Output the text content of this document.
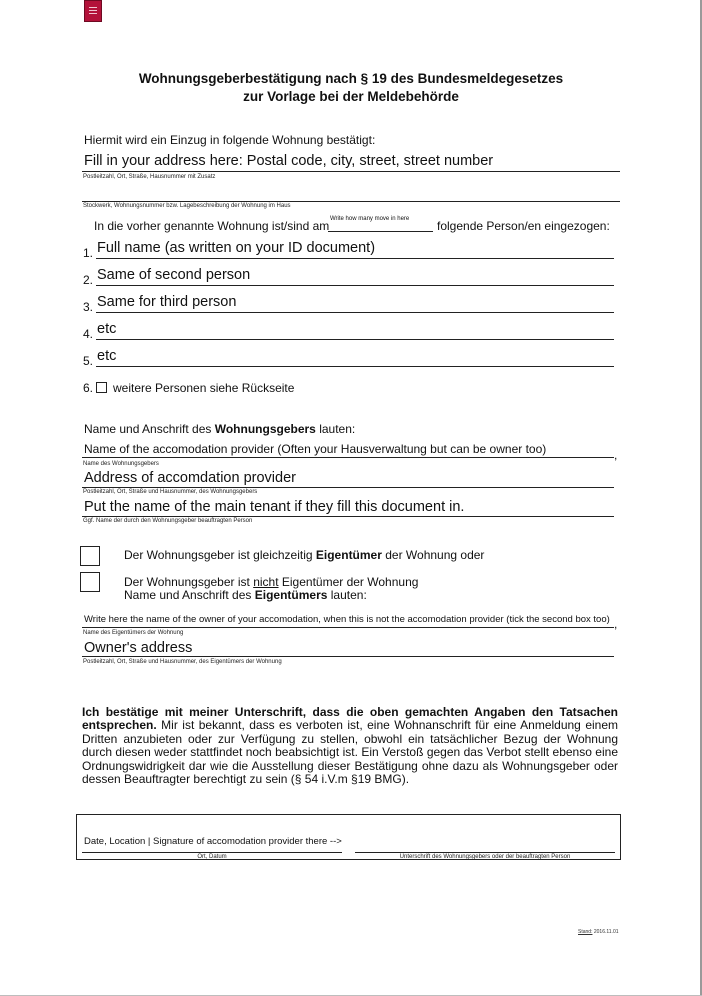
Wohnungsgeberbestätigung nach § 19 des Bundesmeldegesetzes
zur Vorlage bei der Meldebehörde
Hiermit wird ein Einzug in folgende Wohnung bestätigt:
Fill in your address here: Postal code, city, street, street number
Postleitzahl, Ort, Straße, Hausnummer mit Zusatz
Stockwerk, Wohnungsnummer bzw. Lagebeschreibung der Wohnung im Haus
In die vorher genannte Wohnung ist/sind am Write how many move in here folgende Person/en eingezogen:
1. Full name (as written on your ID document)
2. Same of second person
3. Same for third person
4. etc
5. etc
6. weitere Personen siehe Rückseite
Name und Anschrift des Wohnungsgebers lauten:
Name of the accomodation provider (Often your Hausverwaltung but can be owner too)	,
Name des Wohnungsgebers
Address of accomdation provider
Postleitzahl, Ort, Straße und Hausnummer, des Wohnungsgebers
Put the name of the main tenant if they fill this document in.
Ggf. Name der durch den Wohnungsgeber beauftragten Person
Der Wohnungsgeber ist gleichzeitig Eigentümer der Wohnung oder
Der Wohnungsgeber ist nicht Eigentümer der Wohnung
Name und Anschrift des Eigentümers lauten:
Write here the name of the owner of your accomodation, when this is not the accomodation provider (tick the second box too) ,
Name des Eigentümers der Wohnung
Owner's address
Postleitzahl, Ort, Straße und Hausnummer, des Eigentümers der Wohnung
Ich bestätige mit meiner Unterschrift, dass die oben gemachten Angaben den Tatsachen entsprechen. Mir ist bekannt, dass es verboten ist, eine Wohnanschrift für eine Anmeldung einem Dritten anzubieten oder zur Verfügung zu stellen, obwohl ein tatsächlicher Bezug der Wohnung durch diesen weder stattfindet noch beabsichtigt ist. Ein Verstoß gegen das Verbot stellt ebenso eine Ordnungswidrigkeit dar wie die Ausstellung dieser Bestätigung ohne dazu als Wohnungsgeber oder dessen Beauftragter berechtigt zu sein (§ 54 i.V.m §19 BMG).
Date, Location | Signature of accomodation provider there -->
Ort, Datum	Unterschrift des Wohnungsgebers oder der beauftragten Person
Stand: 2016.11.01
